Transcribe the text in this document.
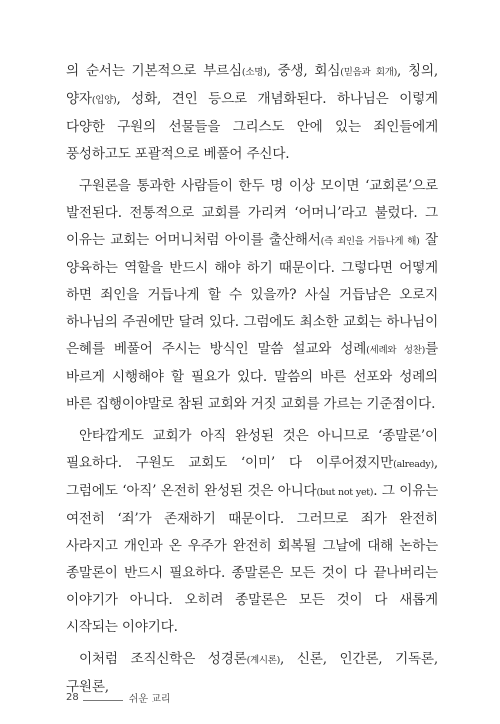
의 순서는 기본적으로 부르심(소명), 중생, 회심(믿음과 회개), 칭의, 양자(입양), 성화, 견인 등으로 개념화된다. 하나님은 이렇게 다양한 구원의 선물들을 그리스도 안에 있는 죄인들에게 풍성하고도 포괄적으로 베풀어 주신다.

구원론을 통과한 사람들이 한두 명 이상 모이면 ‘교회론’으로 발전된다. 전통적으로 교회를 가리켜 ‘어머니’라고 불렀다. 그 이유는 교회는 어머니처럼 아이를 출산해서(즉 죄인을 거듭나게 해) 잘 양육하는 역할을 반드시 해야 하기 때문이다. 그렇다면 어떻게 하면 죄인을 거듭나게 할 수 있을까? 사실 거듭남은 오로지 하나님의 주권에만 달려 있다. 그럼에도 최소한 교회는 하나님이 은혜를 베풀어 주시는 방식인 말씀 설교와 성례(세례와 성찬)를 바르게 시행해야 할 필요가 있다. 말씀의 바른 선포와 성례의 바른 집행이야말로 참된 교회와 거짓 교회를 가르는 기준점이다.

안타깝게도 교회가 아직 완성된 것은 아니므로 ‘종말론’이 필요하다. 구원도 교회도 ‘이미’ 다 이루어졌지만(already), 그럼에도 ‘아직’ 온전히 완성된 것은 아니다(but not yet). 그 이유는 여전히 ‘죄’가 존재하기 때문이다. 그러므로 죄가 완전히 사라지고 개인과 온 우주가 완전히 회복될 그날에 대해 논하는 종말론이 반드시 필요하다. 종말론은 모든 것이 다 끝나버리는 이야기가 아니다. 오히려 종말론은 모든 것이 다 새롭게 시작되는 이야기다.

이처럼 조직신학은 성경론(계시론), 신론, 인간론, 기독론, 구원론,

28	쉬운 교리
